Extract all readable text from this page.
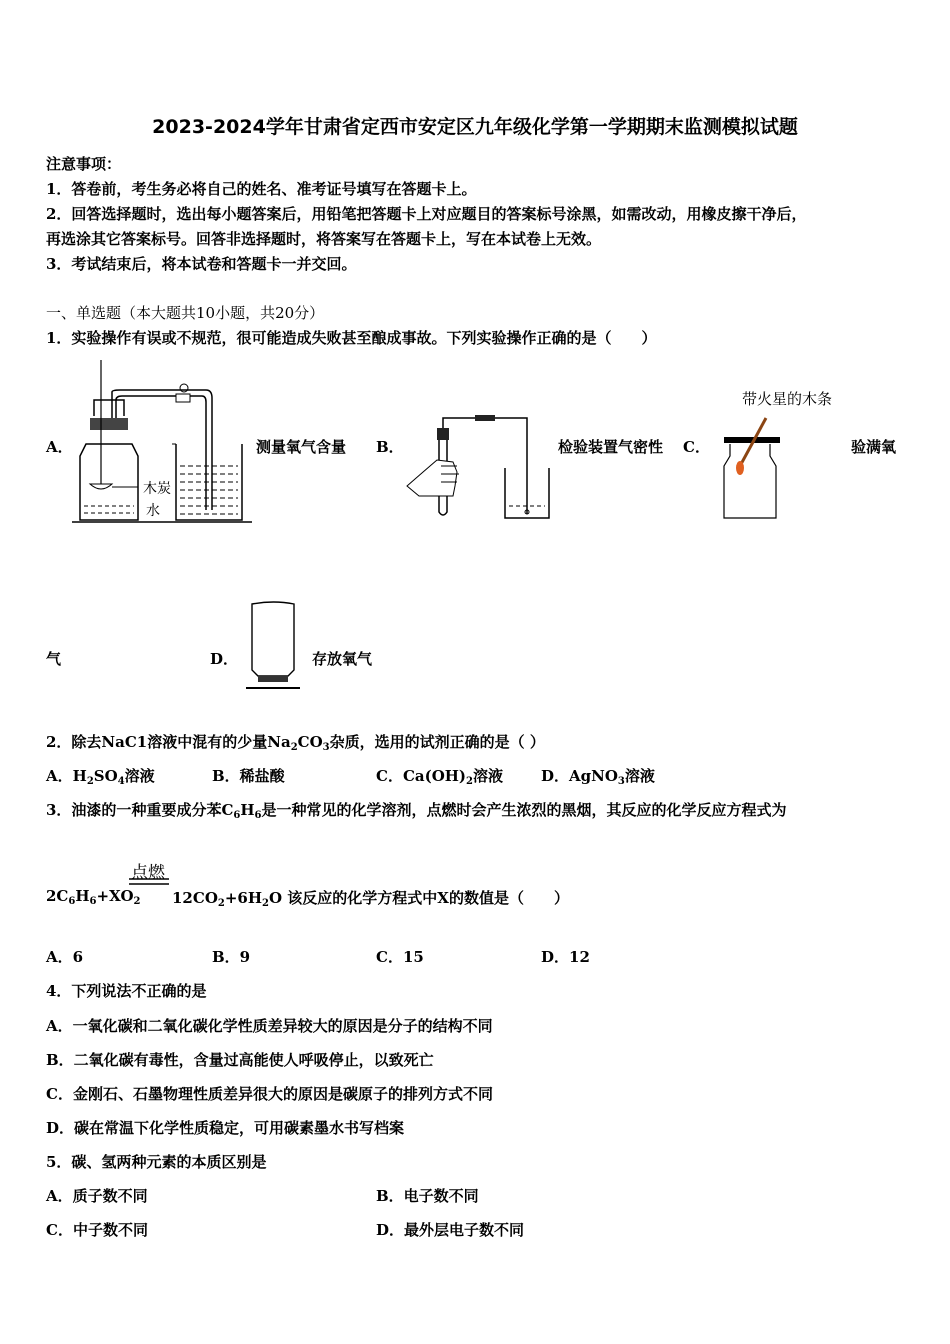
2023-2024学年甘肃省定西市安定区九年级化学第一学期期末监测模拟试题
注意事项：
1．答卷前，考生务必将自己的姓名、准考证号填写在答题卡上。
2．回答选择题时，选出每小题答案后，用铅笔把答题卡上对应题目的答案标号涂黑，如需改动，用橡皮擦干净后，
再选涂其它答案标号。回答非选择题时，将答案写在答题卡上，写在本试卷上无效。
3．考试结束后，将本试卷和答题卡一并交回。
一、单选题（本大题共10小题，共20分）
1．实验操作有误或不规范，很可能造成失败甚至酿成事故。下列实验操作正确的是（　　）
A．
木炭
水
测量氧气含量 B．	检验装置气密性 C．
带火星的木条
验满氧
气	D．	存放氧气
2．除去NaC1溶液中混有的少量$Na_2CO_3$杂质，选用的试剂正确的是（ ）
A．$H_2SO_4$溶液	B．稀盐酸	C．$Ca(OH)_2$溶液	D．AgNO$_3$溶液
3．油漆的一种重要成分苯$C_6H_6$是一种常见的化学溶剂，点燃时会产生浓烈的黑烟，其反应的化学反应方程式为
点燃
$2C_6H_6+XO_2$ $12CO_2+6H_2O$ 该反应的化学方程式中X的数值是（　　）
A．6	B．9	C．15	D．12
4．下列说法不正确的是
A．一氧化碳和二氧化碳化学性质差异较大的原因是分子的结构不同
B．二氧化碳有毒性，含量过高能使人呼吸停止，以致死亡
C．金刚石、石墨物理性质差异很大的原因是碳原子的排列方式不同
D．碳在常温下化学性质稳定，可用碳素墨水书写档案
5．碳、氢两种元素的本质区别是
A．质子数不同	B．电子数不同
C．中子数不同	D．最外层电子数不同
